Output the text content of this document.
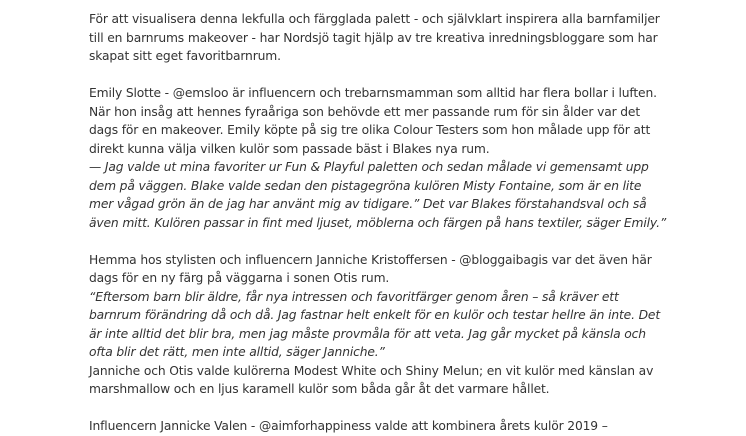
För att visualisera denna lekfulla och färgglada palett - och självklart inspirera alla barnfamiljer
till en barnrums makeover - har Nordsjö tagit hjälp av tre kreativa inredningsbloggare som har
skapat sitt eget favoritbarnrum.
Emily Slotte - @emsloo är influencern och trebarnsmamman som alltid har flera bollar i luften.
När hon insåg att hennes fyraåriga son behövde ett mer passande rum för sin ålder var det
dags för en makeover. Emily köpte på sig tre olika Colour Testers som hon målade upp för att
direkt kunna välja vilken kulör som passade bäst i Blakes nya rum.
— Jag valde ut mina favoriter ur Fun & Playful paletten och sedan målade vi gemensamt upp
dem på väggen. Blake valde sedan den pistagegröna kulören Misty Fontaine, som är en lite
mer vågad grön än de jag har använt mig av tidigare.” Det var Blakes förstahandsval och så
även mitt. Kulören passar in fint med ljuset, möblerna och färgen på hans textiler, säger Emily.”
Hemma hos stylisten och influencern Janniche Kristoffersen - @bloggaibagis var det även här
dags för en ny färg på väggarna i sonen Otis rum.
“Eftersom barn blir äldre, får nya intressen och favoritfärger genom åren – så kräver ett
barnrum förändring då och då. Jag fastnar helt enkelt för en kulör och testar hellre än inte. Det
är inte alltid det blir bra, men jag måste provmåla för att veta. Jag går mycket på känsla och
ofta blir det rätt, men inte alltid, säger Janniche.”
Janniche och Otis valde kulörerna Modest White och Shiny Melun; en vit kulör med känslan av
marshmallow och en ljus karamell kulör som båda går åt det varmare hållet.
Influencern Jannicke Valen - @aimforhappiness valde att kombinera årets kulör 2019 –
